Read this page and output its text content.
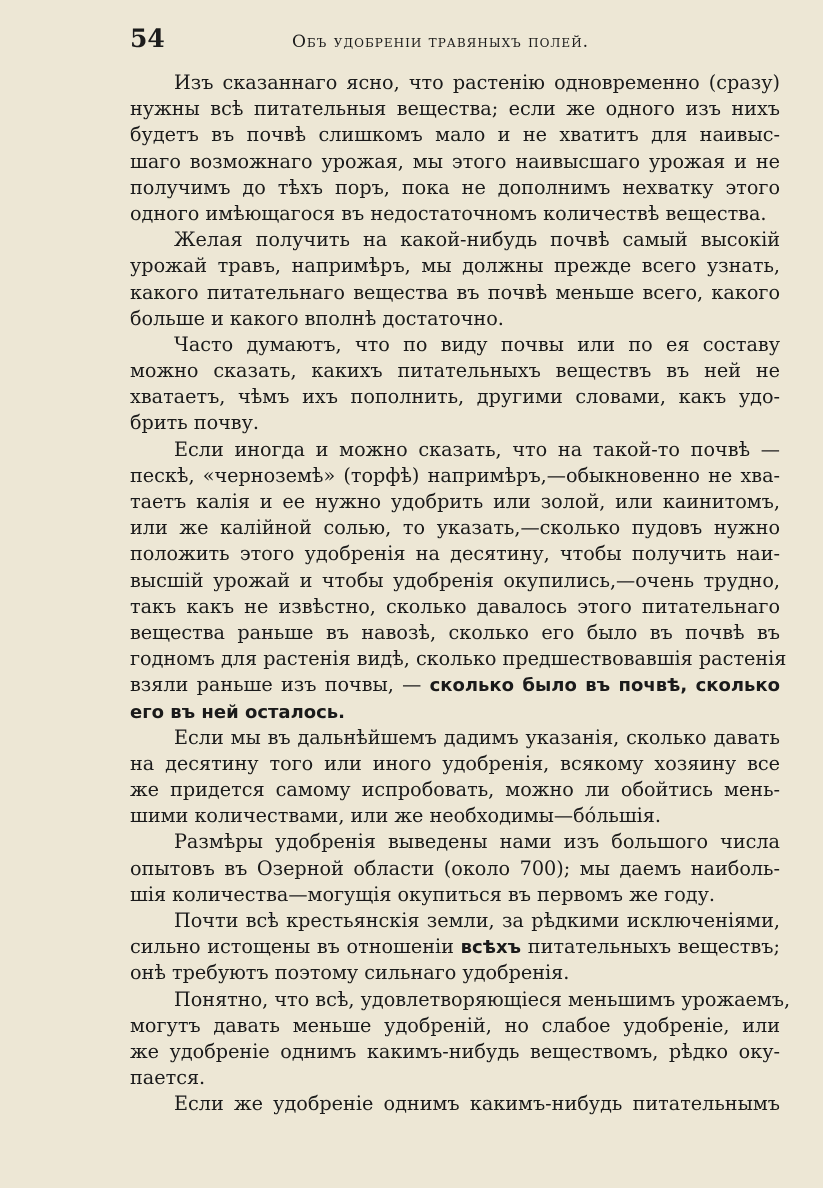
54	Объ удобреніи травяныхъ полей.
Изъ сказаннаго ясно, что растенію одновременно (сразу)
нужны всѣ питательныя вещества; если же одного изъ нихъ
будетъ въ почвѣ слишкомъ мало и не хватитъ для наивыс-
шаго возможнаго урожая, мы этого наивысшаго урожая и не
получимъ до тѣхъ поръ, пока не дополнимъ нехватку этого
одного имѣющагося въ недостаточномъ количествѣ вещества.
Желая получить на какой-нибудь почвѣ самый высокій
урожай травъ, напримѣръ, мы должны прежде всего узнать,
какого питательнаго вещества въ почвѣ меньше всего, какого
больше и какого вполнѣ достаточно.
Часто думаютъ, что по виду почвы или по ея составу
можно сказать, какихъ питательныхъ веществъ въ ней не
хватаетъ, чѣмъ ихъ пополнить, другими словами, какъ удо-
брить почву.
Если иногда и можно сказать, что на такой-то почвѣ —
пескѣ, «черноземѣ» (торфѣ) напримѣръ,—обыкновенно не хва-
таетъ калія и ее нужно удобрить или золой, или каинитомъ,
или же калійной солью, то указать,—сколько пудовъ нужно
положить этого удобренія на десятину, чтобы получить наи-
высшій урожай и чтобы удобренія окупились,—очень трудно,
такъ какъ не извѣстно, сколько давалось этого питательнаго
вещества раньше въ навозѣ, сколько его было въ почвѣ въ
годномъ для растенія видѣ, сколько предшествовавшія растенія
взяли раньше изъ почвы, — сколько было въ почвѣ, сколько
его въ ней осталось.
Если мы въ дальнѣйшемъ дадимъ указанія, сколько давать
на десятину того или иного удобренія, всякому хозяину все
же придется самому испробовать, можно ли обойтись мень-
шими количествами, или же необходимы—бо́льшія.
Размѣры удобренія выведены нами изъ большого числа
опытовъ въ Озерной области (около 700); мы даемъ наиболь-
шія количества—могущія окупиться въ первомъ же году.
Почти всѣ крестьянскія земли, за рѣдкими исключеніями,
сильно истощены въ отношеніи всѣхъ питательныхъ веществъ;
онѣ требуютъ поэтому сильнаго удобренія.
Понятно, что всѣ, удовлетворяющіеся меньшимъ урожаемъ,
могутъ давать меньше удобреній, но слабое удобреніе, или
же удобреніе однимъ какимъ-нибудь веществомъ, рѣдко оку-
пается.
Если же удобреніе однимъ какимъ-нибудь питательнымъ
